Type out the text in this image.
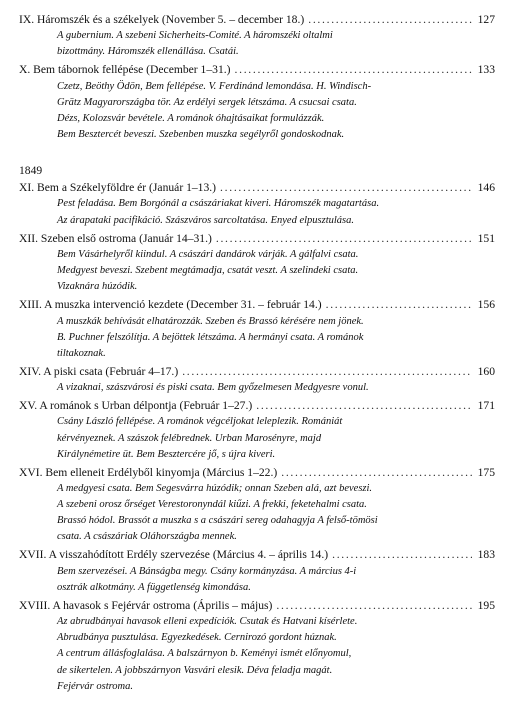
IX. Háromszék és a székelyek (November 5. – december 18.) . . .	127
A gubernium. A szebeni Sicherheits-Comité. A háromszéki oltalmi
bizottmány. Háromszék ellenállása. Csatái.
X. Bem tábornok fellépése (December 1–31.) . . .	133
Czetz, Beöthy Ödön, Bem fellépése. V. Ferdinánd lemondása. H. Windisch-
Grätz Magyarországba tör. Az erdélyi sergek létszáma. A csucsai csata.
Dézs, Kolozsvár bevétele. A románok óhajtásaikat formulázzák.
Bem Besztercét beveszi. Szebenben muszka segélyről gondoskodnak.
1849
XI. Bem a Székelyföldre ér (Január 1–13.) . . .	146
Pest feladása. Bem Borgónál a császáriakat kiveri. Háromszék magatartása.
Az árapataki pacifikáció. Szászváros sarcoltatása. Enyed elpusztulása.
XII. Szeben első ostroma (Január 14–31.) . . .	151
Bem Vásárhelyről kiindul. A császári dandárok várják. A gálfalvi csata.
Medgyest beveszi. Szebent megtámadja, csatát veszt. A szelindeki csata.
Vizaknára húzódik.
XIII. A muszka intervenció kezdete (December 31. – február 14.) . . .	156
A muszkák behívását elhatározzák. Szeben és Brassó kérésére nem jönek.
B. Puchner felszólítja. A bejöttek létszáma. A hermányi csata. A románok
tiltakoznak.
XIV. A piski csata (Február 4–17.) . . .	160
A vizaknai, szászvárosi és piski csata. Bem győzelmesen Medgyesre vonul.
XV. A románok s Urban délpontja (Február 1–27.) . . .	171
Csány László fellépése. A románok végcéljokat leleplezik. Romániát
kérvényeznek. A szászok felébrednek. Urban Marosényre, majd
Királynémetire üt. Bem Besztercére jő, s újra kiveri.
XVI. Bem elleneit Erdélyből kinyomja (Március 1–22.) . . .	175
A medgyesi csata. Bem Segesvárra húzódik; onnan Szeben alá, azt beveszi.
A szebeni orosz őrséget Verestoronyndál kiűzi. A frekki, feketehalmi csata.
Brassó hódol. Brassót a muszka s a császári sereg odahagyja A felső-tömösi
csata. A császáriak Oláhországba mennek.
XVII. A visszahódított Erdély szervezése (Március 4. – április 14.) . . .	183
Bem szervezései. A Bánságba megy. Csány kormányzása. A március 4-i
osztrák alkotmány. A függetlenség kimondása.
XVIII. A havasok s Fejérvár ostroma (Április – május) . . .	195
Az abrudbányai havasok elleni expedíciók. Csutak és Hatvani kísérlete.
Abrudbánya pusztulása. Egyezkedések. Cernirozó gordont húznak.
A centrum állásfoglalása. A balszárnyon b. Keményi ismét előnyomul,
de sikertelen. A jobbszárnyon Vasvári elesik. Déva feladja magát.
Fejérvár ostroma.
